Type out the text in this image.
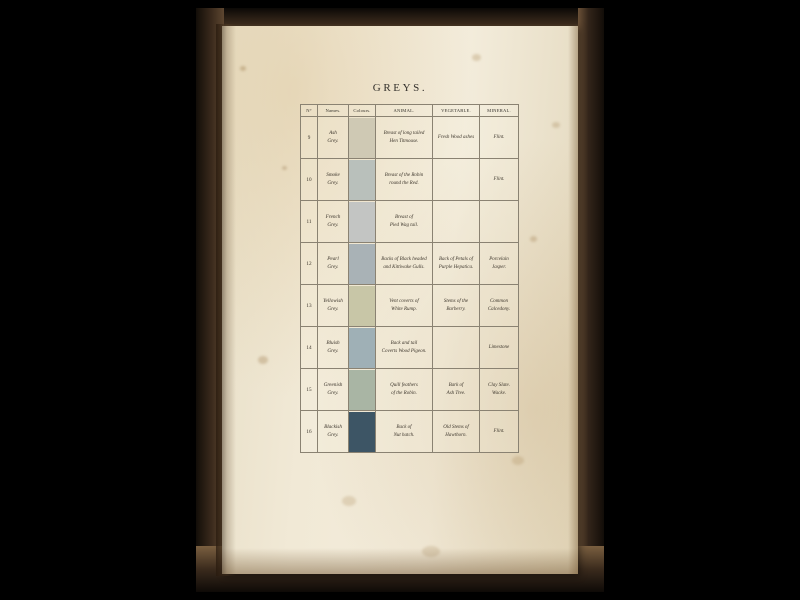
GREYS.
N°	Names.	Colours.	ANIMAL.	VEGETABLE.	MINERAL.
9	Ash
Grey.		Breast of long tailed
Hen Titmouse.	Fresh Wood ashes	Flint.

10	Smoke
Grey.		Breast of the Robin
round the Red.		Flint.

11	French
Grey.		Breast of
Pied Wag tail.		

12	Pearl
Grey.		Backs of Black headed
and Kittiwake Gulls.	Back of Petals of
Purple Hepatica.	Porcelain
Jasper.

13	Yellowish
Grey.		Vent coverts of
White Rump.	Stems of the
Barberry.	Common
Calcedony.

14	Bluish
Grey.		Back and tail
Coverts Wood Pigeon.		Limestone

15	Greenish
Grey.		Quill feathers
of the Robin.	Bark of
Ash Tree.	Clay Slate.
Wacke.

16	Blackish
Grey.		Back of
Nut hatch.	Old Stems of
Hawthorn.	Flint.
